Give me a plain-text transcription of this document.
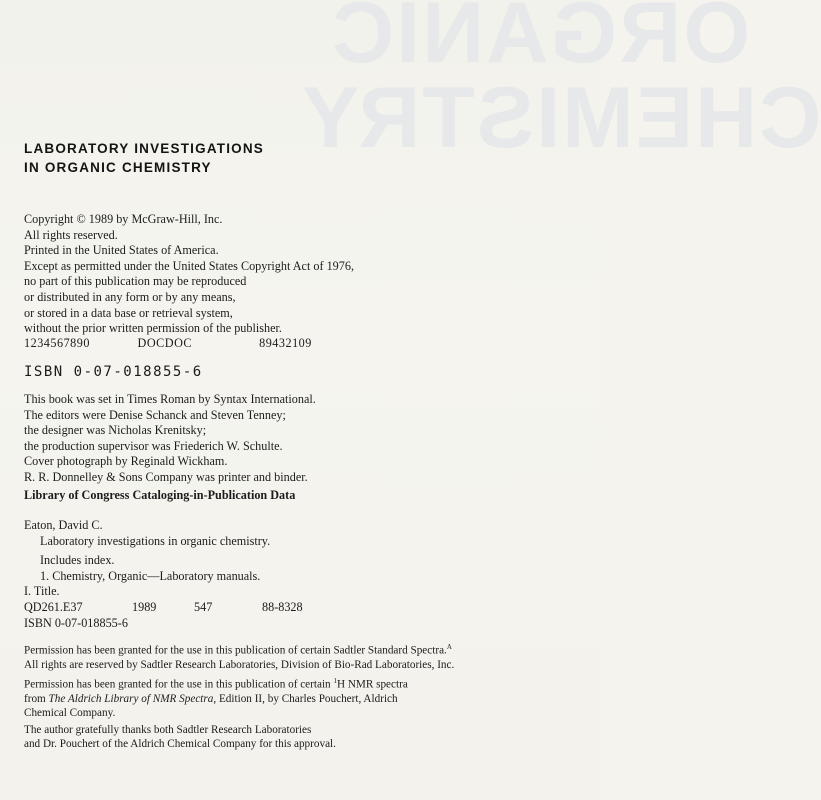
ORGANIC
CHEMISTRY
LABORATORY INVESTIGATIONS
IN ORGANIC CHEMISTRY
Copyright © 1989 by McGraw-Hill, Inc.
All rights reserved.
Printed in the United States of America.
Except as permitted under the United States Copyright Act of 1976,
no part of this publication may be reproduced
or distributed in any form or by any means,
or stored in a data base or retrieval system,
without the prior written permission of the publisher.
1234567890	DOCDOC	89432109
ISBN 0-07-018855-6
This book was set in Times Roman by Syntax International.
The editors were Denise Schanck and Steven Tenney;
the designer was Nicholas Krenitsky;
the production supervisor was Friederich W. Schulte.
Cover photograph by Reginald Wickham.
R. R. Donnelley & Sons Company was printer and binder.
Library of Congress Cataloging-in-Publication Data
Eaton, David C.
Laboratory investigations in organic chemistry.
Includes index.
1. Chemistry, Organic—Laboratory manuals.
I. Title.
QD261.E37	1989	547	88-8328
ISBN 0-07-018855-6
Permission has been granted for the use in this publication of certain Sadtler Standard Spectra.$^A$
All rights are reserved by Sadtler Research Laboratories, Division of Bio-Rad Laboratories, Inc.
Permission has been granted for the use in this publication of certain $^1$H NMR spectra
from The Aldrich Library of NMR Spectra, Edition II, by Charles Pouchert, Aldrich
Chemical Company.
The author gratefully thanks both Sadtler Research Laboratories
and Dr. Pouchert of the Aldrich Chemical Company for this approval.
